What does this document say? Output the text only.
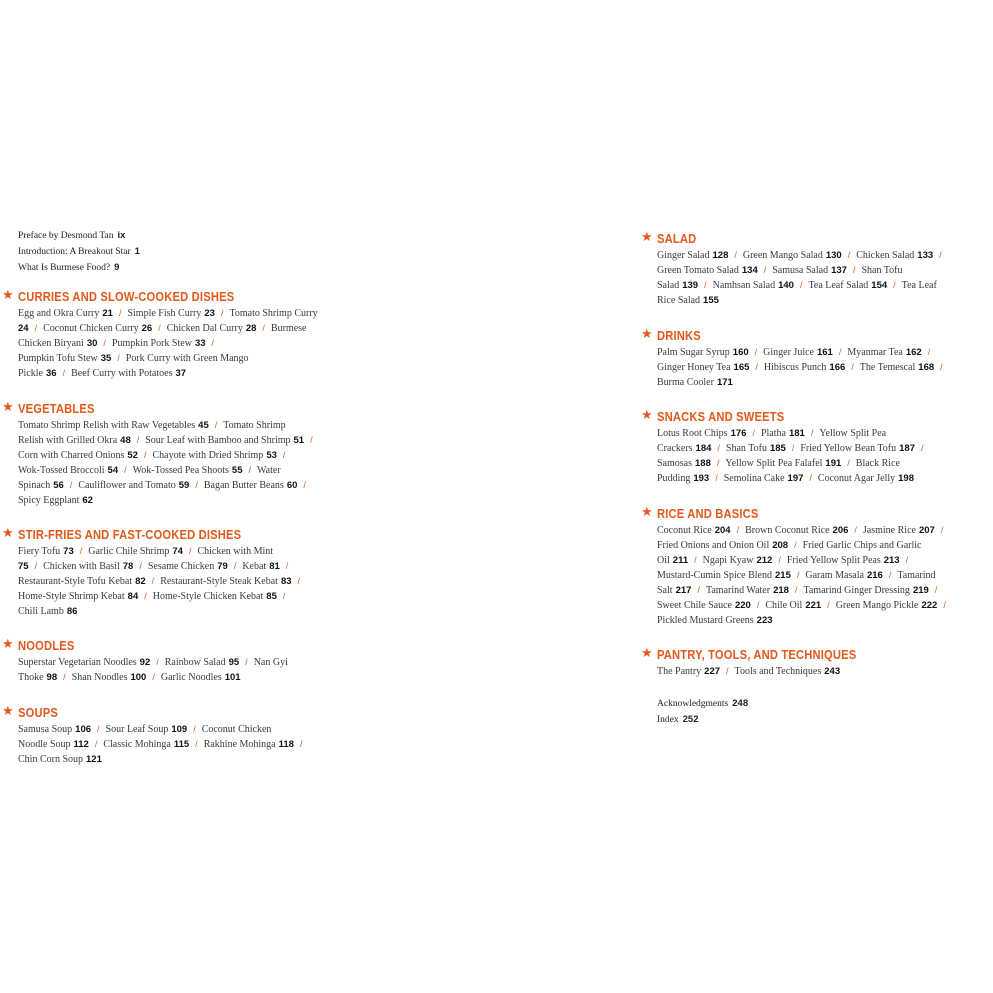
★ CURRIES AND SLOW-COOKED DISHES
Egg and Okra Curry 21 / Simple Fish Curry 23 / Tomato Shrimp Curry
24 / Coconut Chicken Curry 26 / Chicken Dal Curry 28 / Burmese
Chicken Biryani 30 / Pumpkin Pork Stew 33 /
Pumpkin Tofu Stew 35 / Pork Curry with Green Mango
Pickle 36 / Beef Curry with Potatoes 37
★ VEGETABLES
Tomato Shrimp Relish with Raw Vegetables 45 / Tomato Shrimp
Relish with Grilled Okra 48 / Sour Leaf with Bamboo and Shrimp 51 /
Corn with Charred Onions 52 / Chayote with Dried Shrimp 53 /
Wok-Tossed Broccoli 54 / Wok-Tossed Pea Shoots 55 / Water
Spinach 56 / Cauliflower and Tomato 59 / Bagan Butter Beans 60 /
Spicy Eggplant 62
★ STIR-FRIES AND FAST-COOKED DISHES
Fiery Tofu 73 / Garlic Chile Shrimp 74 / Chicken with Mint
75 / Chicken with Basil 78 / Sesame Chicken 79 / Kebat 81 /
Restaurant-Style Tofu Kebat 82 / Restaurant-Style Steak Kebat 83 /
Home-Style Shrimp Kebat 84 / Home-Style Chicken Kebat 85 /
Chili Lamb 86
★ NOODLES
Superstar Vegetarian Noodles 92 / Rainbow Salad 95 / Nan Gyi
Thoke 98 / Shan Noodles 100 / Garlic Noodles 101
★ SOUPS
Samusa Soup 106 / Sour Leaf Soup 109 / Coconut Chicken
Noodle Soup 112 / Classic Mohinga 115 / Rakhine Mohinga 118 /
Chin Corn Soup 121
★ SALAD
Ginger Salad 128 / Green Mango Salad 130 / Chicken Salad 133 /
Green Tomato Salad 134 / Samusa Salad 137 / Shan Tofu
Salad 139 / Namhsan Salad 140 / Tea Leaf Salad 154 / Tea Leaf
Rice Salad 155
★ DRINKS
Palm Sugar Syrup 160 / Ginger Juice 161 / Myanmar Tea 162 /
Ginger Honey Tea 165 / Hibiscus Punch 166 / The Temescal 168 /
Burma Cooler 171
★ SNACKS AND SWEETS
Lotus Root Chips 176 / Platha 181 / Yellow Split Pea
Crackers 184 / Shan Tofu 185 / Fried Yellow Bean Tofu 187 /
Samosas 188 / Yellow Split Pea Falafel 191 / Black Rice
Pudding 193 / Semolina Cake 197 / Coconut Agar Jelly 198
★ RICE AND BASICS
Coconut Rice 204 / Brown Coconut Rice 206 / Jasmine Rice 207 /
Fried Onions and Onion Oil 208 / Fried Garlic Chips and Garlic
Oil 211 / Ngapi Kyaw 212 / Fried Yellow Split Peas 213 /
Mustard-Cumin Spice Blend 215 / Garam Masala 216 / Tamarind
Salt 217 / Tamarind Water 218 / Tamarind Ginger Dressing 219 /
Sweet Chile Sauce 220 / Chile Oil 221 / Green Mango Pickle 222 /
Pickled Mustard Greens 223
★ PANTRY, TOOLS, AND TECHNIQUES
The Pantry 227 / Tools and Techniques 243
Preface by Desmond Tan ix
Introduction: A Breakout Star 1
What Is Burmese Food? 9
Acknowledgments 248
Index 252
